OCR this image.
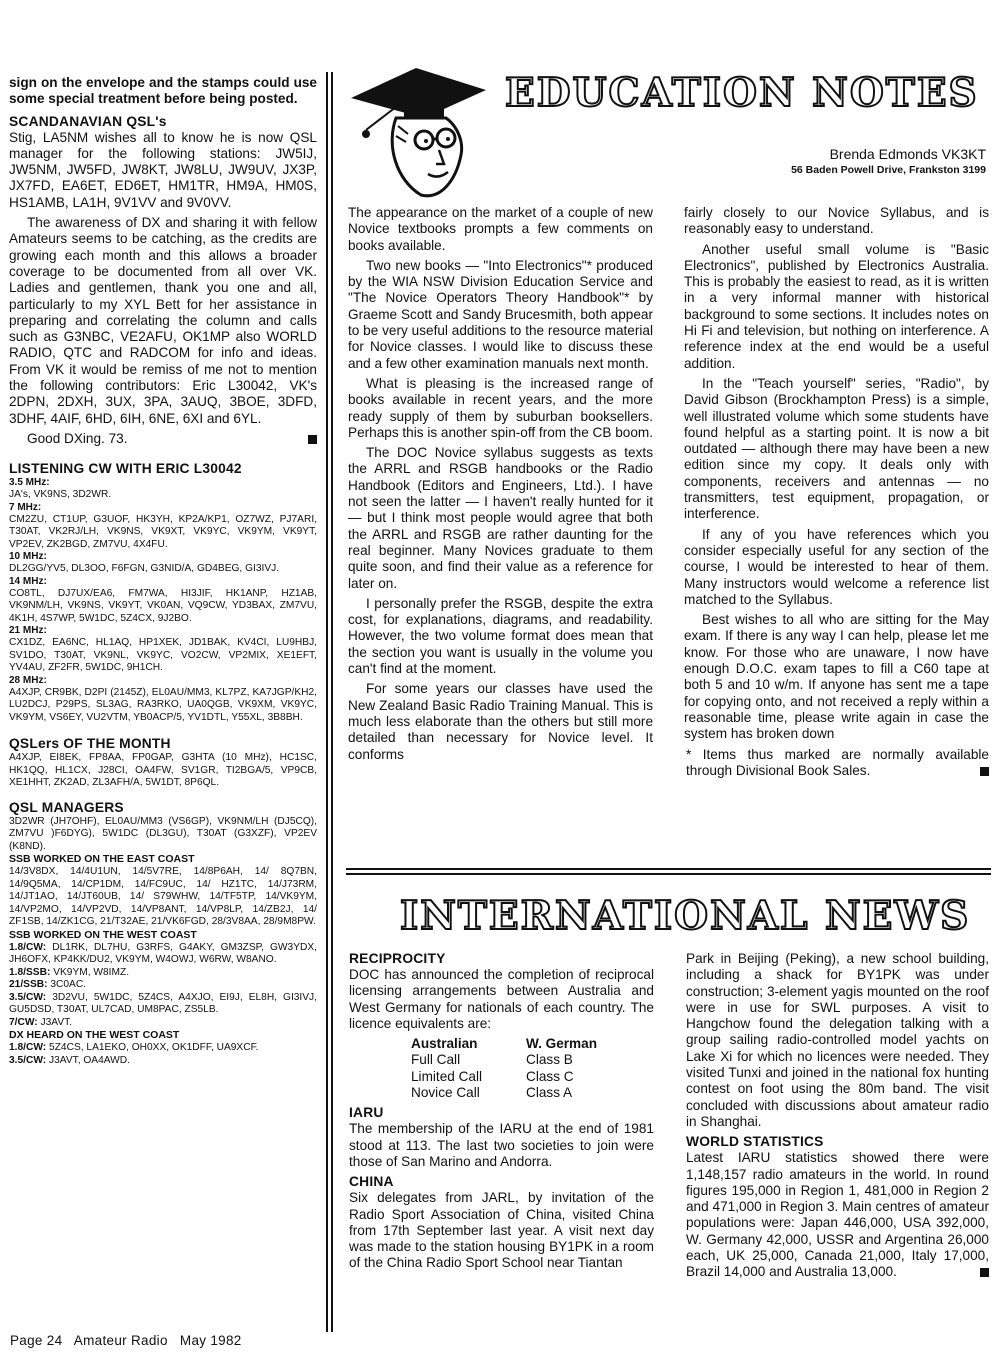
sign on the envelope and the stamps could use some special treatment before being posted.

SCANDANAVIAN QSL's

Stig, LA5NM wishes all to know he is now QSL manager for the following stations: JW5IJ, JW5NM, JW5FD, JW8KT, JW8LU, JW9UV, JX3P, JX7FD, EA6ET, ED6ET, HM1TR, HM9A, HM0S, HS1AMB, LA1H, 9V1VV and 9V0VV.

The awareness of DX and sharing it with fellow Amateurs seems to be catching, as the credits are growing each month and this allows a broader coverage to be documented from all over VK. Ladies and gentlemen, thank you one and all, particularly to my XYL Bett for her assistance in preparing and correlating the column and calls such as G3NBC, VE2AFU, OK1MP also WORLD RADIO, QTC and RADCOM for info and ideas. From VK it would be remiss of me not to mention the following contributors: Eric L30042, VK's 2DPN, 2DXH, 3UX, 3PA, 3AUQ, 3BOE, 3DFD, 3DHF, 4AIF, 6HD, 6IH, 6NE, 6XI and 6YL.

Good DXing. 73.

LISTENING CW WITH ERIC L30042
3.5 MHz:

JA's, VK9NS, 3D2WR.

7 MHz:

CM2ZU, CT1UP, G3UOF, HK3YH, KP2A/KP1, OZ7WZ, PJ7ARI, T30AT, VK2RJ/LH, VK9NS, VK9XT, VK9YC, VK9YM, VK9YT, VP2EV, ZK2BGD, ZM7VU, 4X4FU.

10 MHz:

DL2GG/YV5, DL3OO, F6FGN, G3NID/A, GD4BEG, GI3IVJ.

14 MHz:

CO8TL, DJ7UX/EA6, FM7WA, HI3JIF, HK1ANP, HZ1AB, VK9NM/LH, VK9NS, VK9YT, VK0AN, VQ9CW, YD3BAX, ZM7VU, 4K1H, 4S7WP, 5W1DC, 5Z4CX, 9J2BO.

21 MHz:

CX1DZ, EA6NC, HL1AQ, HP1XEK, JD1BAK, KV4CI, LU9HBJ, SV1DO, T30AT, VK9NL, VK9YC, VO2CW, VP2MIX, XE1EFT, YV4AU, ZF2FR, 5W1DC, 9H1CH.

28 MHz:

A4XJP, CR9BK, D2PI (2145Z), EL0AU/MM3, KL7PZ, KA7JGP/KH2, LU2DCJ, P29PS, SL3AG, RA3RKO, UA0QGB, VK9XM, VK9YC, VK9YM, VS6EY, VU2VTM, YB0ACP/5, YV1DTL, Y55XL, 3B8BH.

QSLers OF THE MONTH

A4XJP, EI8EK, FP8AA, FP0GAP, G3HTA (10 MHz), HC1SC, HK1QQ, HL1CX, J28CI, OA4FW, SV1GR, TI2BGA/5, VP9CB, XE1HHT, ZK2AD, ZL3AFH/A, 5W1DT, 8P6QL.

QSL MANAGERS

3D2WR (JH7OHF), EL0AU/MM3 (VS6GP), VK9NM/LH (DJ5CQ), ZM7VU )F6DYG), 5W1DC (DL3GU), T30AT (G3XZF), VP2EV (K8ND).

SSB WORKED ON THE EAST COAST

14/3V8DX, 14/4U1UN, 14/5V7RE, 14/8P6AH, 14/ 8Q7BN, 14/9Q5MA, 14/CP1DM, 14/FC9UC, 14/ HZ1TC, 14/J73RM, 14/JT1AO, 14/JT60UB, 14/ S79WHW, 14/TF5TP, 14/VK9YM, 14/VP2MO, 14/VP2VD, 14/VP8ANT, 14/VP8LP, 14/ZB2J, 14/ ZF1SB, 14/ZK1CG, 21/T32AE, 21/VK6FGD, 28/3V8AA, 28/9M8PW.

SSB WORKED ON THE WEST COAST

1.8/CW: DL1RK, DL7HU, G3RFS, G4AKY, GM3ZSP, GW3YDX, JH6OFX, KP4KK/DU2, VK9YM, W4OWJ, W6RW, W8ANO.

1.8/SSB: VK9YM, W8IMZ.

21/SSB: 3C0AC.

3.5/CW: 3D2VU, 5W1DC, 5Z4CS, A4XJO, EI9J, EL8H, GI3IVJ, GU5DSD, T30AT, UL7CAD, UM8PAC, ZS5LB.

7/CW: J3AVT.

DX HEARD ON THE WEST COAST

1.8/CW: 5Z4CS, LA1EKO, OH0XX, OK1DFF, UA9XCF.

3.5/CW: J3AVT, OA4AWD.

Page 24   Amateur Radio   May 1982
EDUCATION NOTES
Brenda Edmonds VK3KT
56 Baden Powell Drive, Frankston 3199

The appearance on the market of a couple of new Novice textbooks prompts a few comments on books available.

Two new books — "Into Electronics"* produced by the WIA NSW Division Education Service and "The Novice Operators Theory Handbook"* by Graeme Scott and Sandy Brucesmith, both appear to be very useful additions to the resource material for Novice classes. I would like to discuss these and a few other examination manuals next month.

What is pleasing is the increased range of books available in recent years, and the more ready supply of them by suburban booksellers. Perhaps this is another spin-off from the CB boom.

The DOC Novice syllabus suggests as texts the ARRL and RSGB handbooks or the Radio Handbook (Editors and Engineers, Ltd.). I have not seen the latter — I haven't really hunted for it — but I think most people would agree that both the ARRL and RSGB are rather daunting for the real beginner. Many Novices graduate to them quite soon, and find their value as a reference for later on.

I personally prefer the RSGB, despite the extra cost, for explanations, diagrams, and readability. However, the two volume format does mean that the section you want is usually in the volume you can't find at the moment.

For some years our classes have used the New Zealand Basic Radio Training Manual. This is much less elaborate than the others but still more detailed than necessary for Novice level. It conforms

fairly closely to our Novice Syllabus, and is reasonably easy to understand.

Another useful small volume is "Basic Electronics", published by Electronics Australia. This is probably the easiest to read, as it is written in a very informal manner with historical background to some sections. It includes notes on Hi Fi and television, but nothing on interference. A reference index at the end would be a useful addition.

In the "Teach yourself" series, "Radio", by David Gibson (Brockhampton Press) is a simple, well illustrated volume which some students have found helpful as a starting point. It is now a bit outdated — although there may have been a new edition since my copy. It deals only with components, receivers and antennas — no transmitters, test equipment, propagation, or interference.

If any of you have references which you consider especially useful for any section of the course, I would be interested to hear of them. Many instructors would welcome a reference list matched to the Syllabus.

Best wishes to all who are sitting for the May exam. If there is any way I can help, please let me know. For those who are unaware, I now have enough D.O.C. exam tapes to fill a C60 tape at both 5 and 10 w/m. If anyone has sent me a tape for copying onto, and not received a reply within a reasonable time, please write again in case the system has broken down

* Items thus marked are normally available through Divisional Book Sales.

INTERNATIONAL NEWS
RECIPROCITY

DOC has announced the completion of reciprocal licensing arrangements between Australia and West Germany for nationals of each country. The licence equivalents are:

Australian	W. German
Full Call	Class B
Limited Call	Class C
Novice Call	Class A
IARU

The membership of the IARU at the end of 1981 stood at 113. The last two societies to join were those of San Marino and Andorra.

CHINA

Six delegates from JARL, by invitation of the Radio Sport Association of China, visited China from 17th September last year. A visit next day was made to the station housing BY1PK in a room of the China Radio Sport School near Tiantan

Park in Beijing (Peking), a new school building, including a shack for BY1PK was under construction; 3-element yagis mounted on the roof were in use for SWL purposes. A visit to Hangchow found the delegation talking with a group sailing radio-controlled model yachts on Lake Xi for which no licences were needed. They visited Tunxi and joined in the national fox hunting contest on foot using the 80m band. The visit concluded with discussions about amateur radio in Shanghai.

WORLD STATISTICS

Latest IARU statistics showed there were 1,148,157 radio amateurs in the world. In round figures 195,000 in Region 1, 481,000 in Region 2 and 471,000 in Region 3. Main centres of amateur populations were: Japan 446,000, USA 392,000, W. Germany 42,000, USSR and Argentina 26,000 each, UK 25,000, Canada 21,000, Italy 17,000, Brazil 14,000 and Australia 13,000.
